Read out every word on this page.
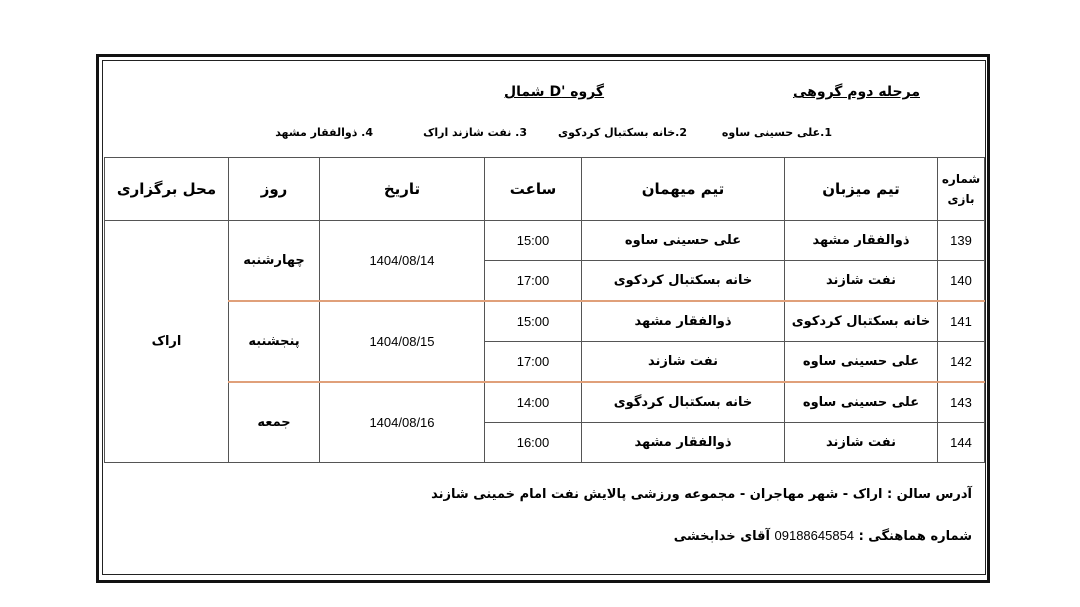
مرحله دوم گروهی
گروه 'D شمال
1.علی حسینی ساوه
2.خانه بسکتبال کردکوی
3. نفت شازند اراک
4. ذوالفقار مشهد
شماره
بازی	تیم میزبان	تیم میهمان	ساعت	تاریخ	روز	محل برگزاری
139	ذوالفقار مشهد	علی حسینی ساوه	15:00	1404/08/14	چهارشنبه	اراک
140	نفت شازند	خانه بسکتبال کردکوی	17:00			
141	خانه بسکتبال کردکوی	ذوالفقار مشهد	15:00	1404/08/15	پنجشنبه	
142	علی حسینی ساوه	نفت شازند	17:00			
143	علی حسینی ساوه	خانه بسکتبال کردگوی	14:00	1404/08/16	جمعه	
144	نفت شازند	ذوالفقار مشهد	16:00			
آدرس سالن : اراک - شهر مهاجران - مجموعه ورزشی پالایش نفت امام خمینی شازند
شماره هماهنگی : 09188645854 آقای خدابخشی
